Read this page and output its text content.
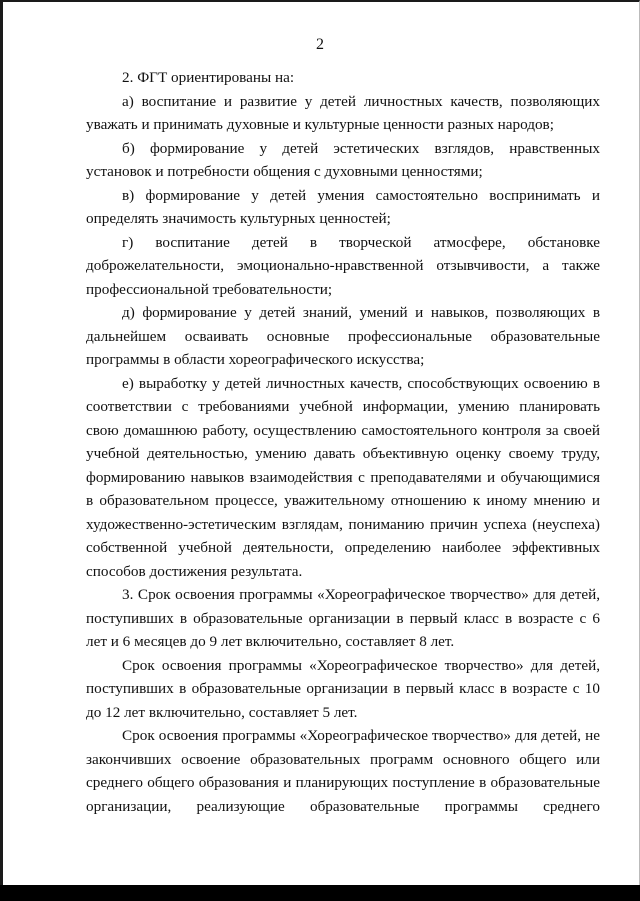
2

2. ФГТ ориентированы на:

а) воспитание и развитие у детей личностных качеств, позволяющих уважать и принимать духовные и культурные ценности разных народов;

б) формирование у детей эстетических взглядов, нравственных установок и потребности общения с духовными ценностями;

в) формирование у детей умения самостоятельно воспринимать и определять значимость культурных ценностей;

г) воспитание детей в творческой атмосфере, обстановке доброжелательности, эмоционально-нравственной отзывчивости, а также профессиональной требовательности;

д) формирование у детей знаний, умений и навыков, позволяющих в дальнейшем осваивать основные профессиональные образовательные программы в области хореографического искусства;

е) выработку у детей личностных качеств, способствующих освоению в соответствии с требованиями учебной информации, умению планировать свою домашнюю работу, осуществлению самостоятельного контроля за своей учебной деятельностью, умению давать объективную оценку своему труду, формированию навыков взаимодействия с преподавателями и обучающимися в образовательном процессе, уважительному отношению к иному мнению и художественно-эстетическим взглядам, пониманию причин успеха (неуспеха) собственной учебной деятельности, определению наиболее эффективных способов достижения результата.

3. Срок освоения программы «Хореографическое творчество» для детей, поступивших в образовательные организации в первый класс в возрасте с 6 лет и 6 месяцев до 9 лет включительно, составляет 8 лет.

Срок освоения программы «Хореографическое творчество» для детей, поступивших в образовательные организации в первый класс в возрасте с 10 до 12 лет включительно, составляет 5 лет.

Срок освоения программы «Хореографическое творчество» для детей, не закончивших освоение образовательных программ основного общего или среднего общего образования и планирующих поступление в образовательные организации, реализующие образовательные программы среднего
